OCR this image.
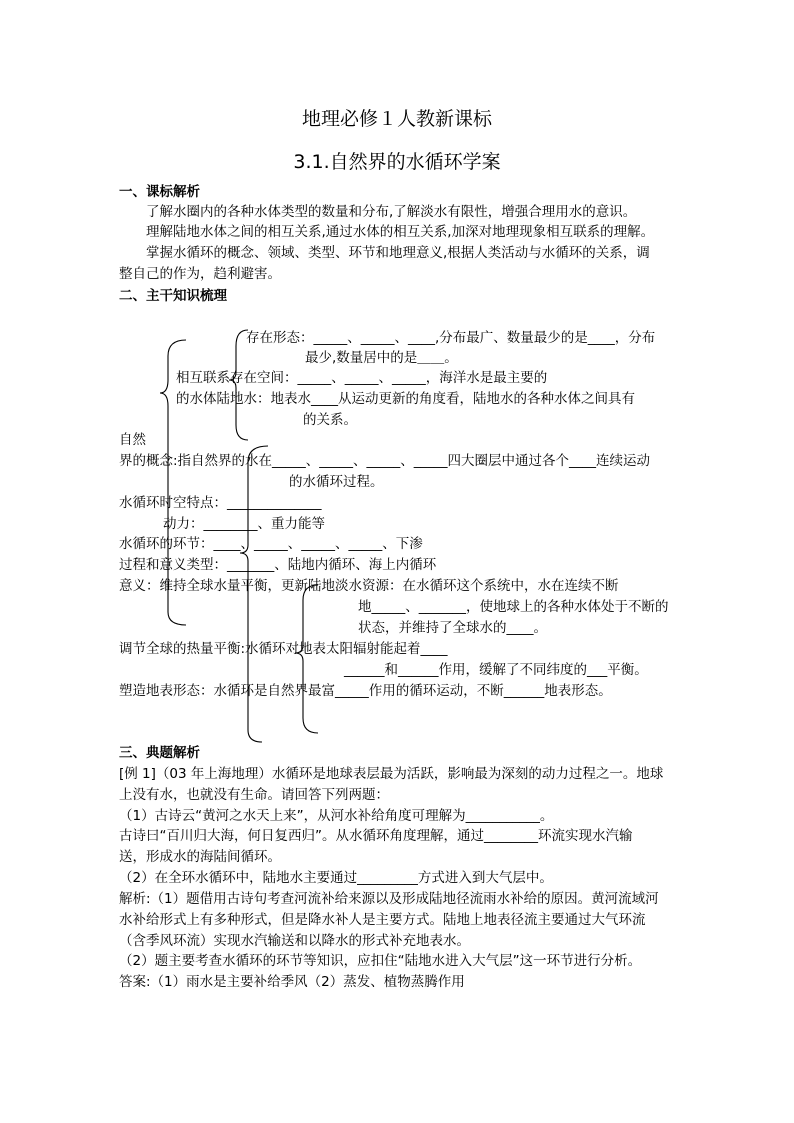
地理必修１人教新课标
3.1.自然界的水循环学案
一、课标解析
了解水圈内的各种水体类型的数量和分布,了解淡水有限性，增强合理用水的意识。
理解陆地水体之间的相互关系,通过水体的相互关系,加深对地理现象相互联系的理解。
掌握水循环的概念、领域、类型、环节和地理意义,根据人类活动与水循环的关系，调
整自己的作为，趋利避害。
二、主干知识梳理
存在形态：_____、_____、____,分布最广、数量最少的是____，分布
最少,数量居中的是＿＿。
相互联系存在空间：_____、_____、_____，海洋水是最主要的
的水体陆地水：地表水____从运动更新的角度看，陆地水的各种水体之间具有
的关系。
自然
界的概念:指自然界的水在_____、_____、_____、_____四大圈层中通过各个____连续运动
的水循环过程。
水循环时空特点：______________
动力：________、重力能等
水循环的环节：____、_____、_____、_____、下渗
过程和意义类型：_______、陆地内循环、海上内循环
意义：维持全球水量平衡，更新陆地淡水资源：在水循环这个系统中，水在连续不断
地_____、_______，使地球上的各种水体处于不断的
状态，并维持了全球水的____。
调节全球的热量平衡:水循环对地表太阳辐射能起着____
______和______作用，缓解了不同纬度的___平衡。
塑造地表形态：水循环是自然界最富_____作用的循环运动，不断______地表形态。
三、典题解析
[例 1]（03 年上海地理）水循环是地球表层最为活跃，影响最为深刻的动力过程之一。地球
上没有水，也就没有生命。请回答下列两题：
（1）古诗云“黄河之水天上来”，从河水补给角度可理解为___________。
古诗曰“百川归大海，何日复西归”。从水循环角度理解，通过________环流实现水汽输
送，形成水的海陆间循环。
（2）在全环水循环中，陆地水主要通过_________方式进入到大气层中。
解析:（1）题借用古诗句考查河流补给来源以及形成陆地径流雨水补给的原因。黄河流域河
水补给形式上有多种形式，但是降水补人是主要方式。陆地上地表径流主要通过大气环流
（含季风环流）实现水汽输送和以降水的形式补充地表水。
（2）题主要考查水循环的环节等知识，应扣住“陆地水进入大气层”这一环节进行分析。
答案:（1）雨水是主要补给季风（2）蒸发、植物蒸腾作用
